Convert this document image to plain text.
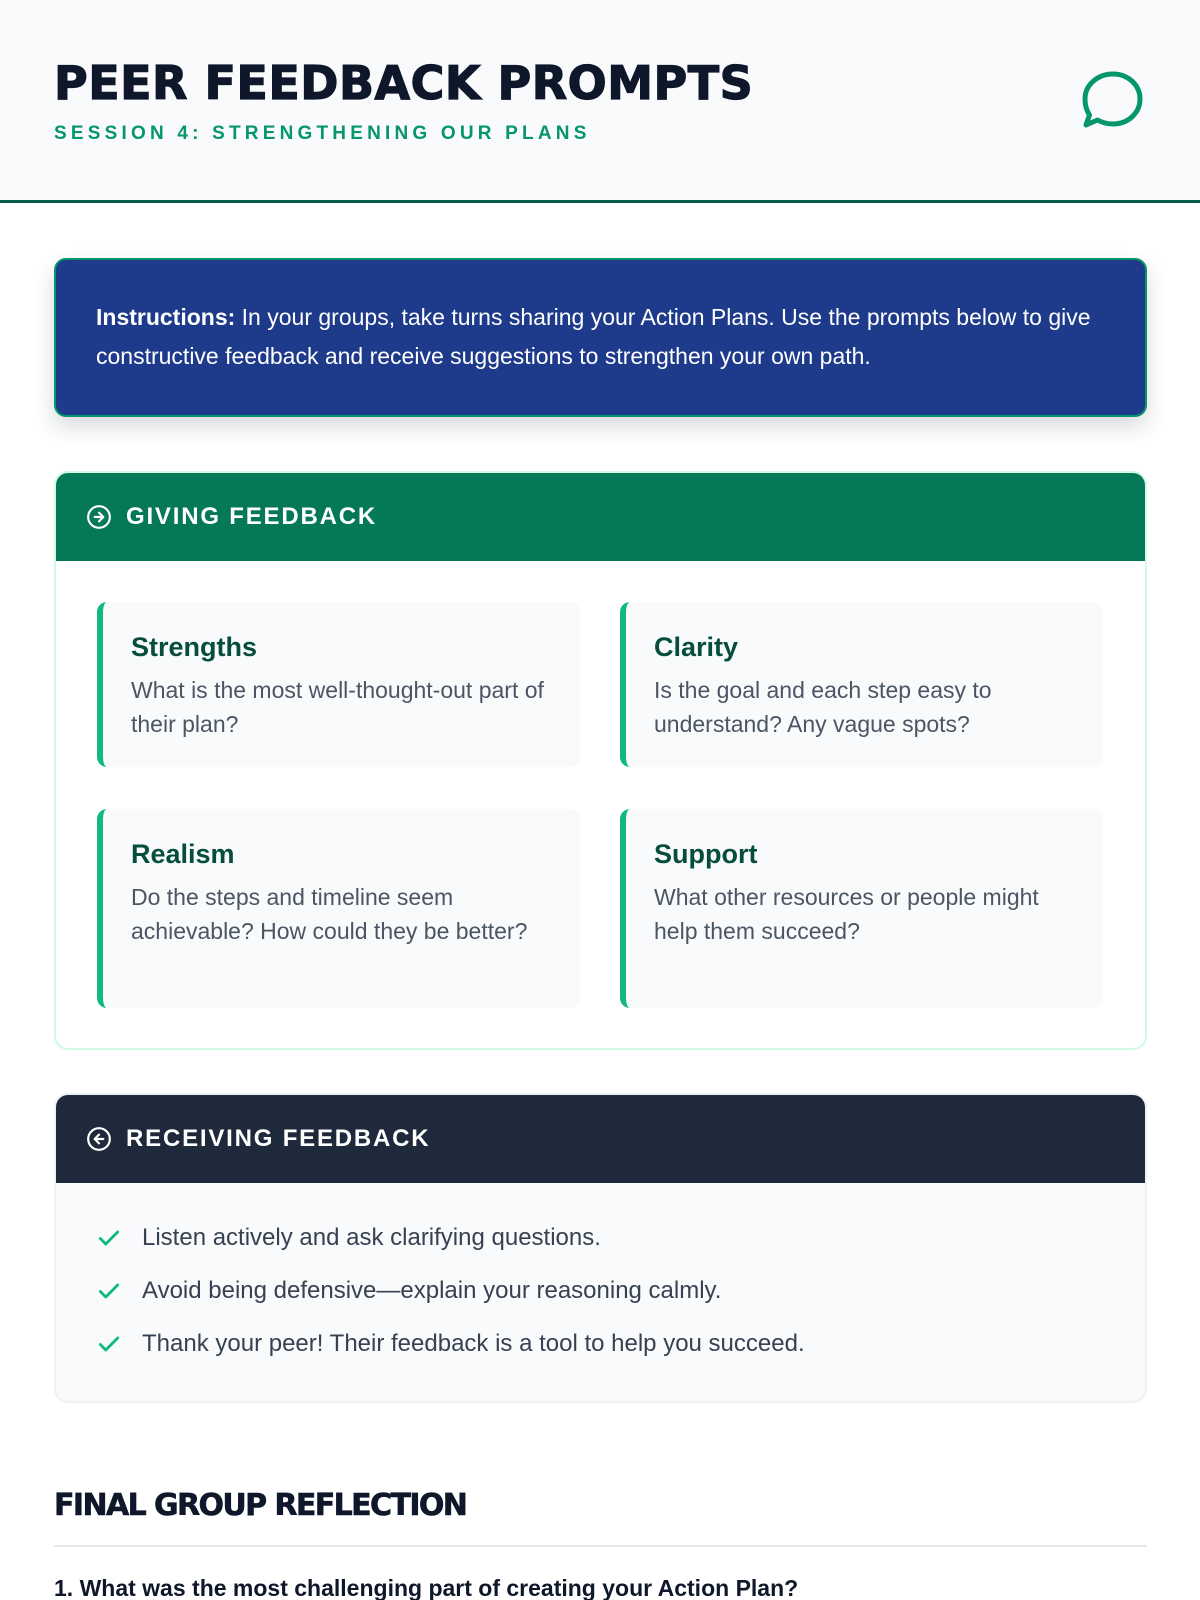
PEER FEEDBACK PROMPTS
SESSION 4: STRENGTHENING OUR PLANS
Instructions: In your groups, take turns sharing your Action Plans. Use the prompts below to give constructive feedback and receive suggestions to strengthen your own path.
GIVING FEEDBACK
Strengths
What is the most well-thought-out part of their plan?
Clarity
Is the goal and each step easy to understand? Any vague spots?
Realism
Do the steps and timeline seem achievable? How could they be better?
Support
What other resources or people might help them succeed?
RECEIVING FEEDBACK
Listen actively and ask clarifying questions.
Avoid being defensive—explain your reasoning calmly.
Thank your peer! Their feedback is a tool to help you succeed.
FINAL GROUP REFLECTION
1. What was the most challenging part of creating your Action Plan?
